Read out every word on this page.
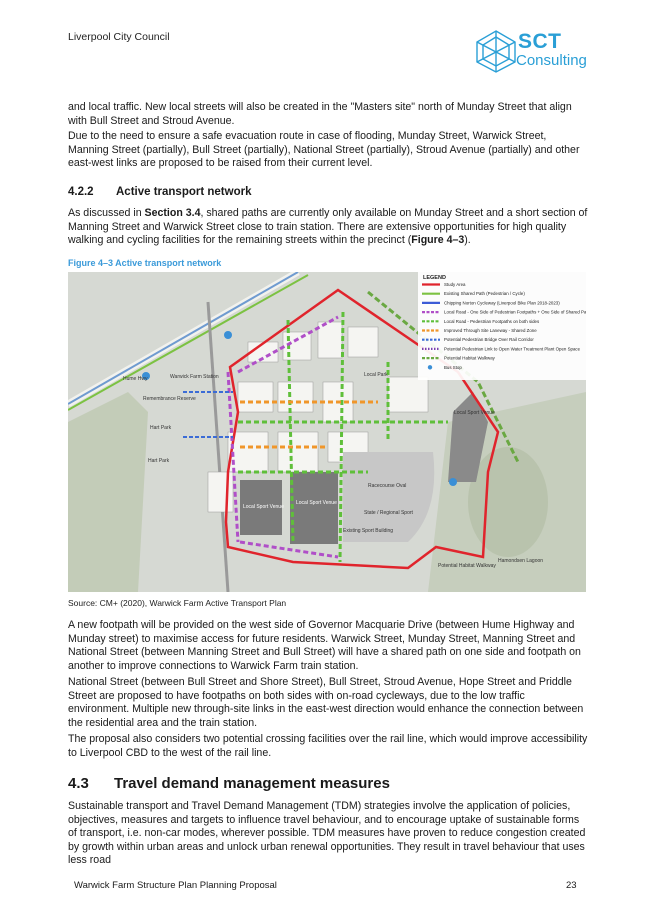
Liverpool City Council	SCT
Consulting

and local traffic. New local streets will also be created in the "Masters site" north of Munday Street that align with Bull Street and Stroud Avenue.

Due to the need to ensure a safe evacuation route in case of flooding, Munday Street, Warwick Street, Manning Street (partially), Bull Street (partially), National Street (partially), Stroud Avenue (partially) and other east-west links are proposed to be raised from their current level.

4.2.2 Active transport network

As discussed in Section 3.4, shared paths are currently only available on Munday Street and a short section of Manning Street and Warwick Street close to train station. There are extensive opportunities for high quality walking and cycling facilities for the remaining streets within the precinct (Figure 4–3).

Figure 4–3 Active transport network
Hume Hwy	Warwick Farm Station
Remembrance Reserve
Hart Park
Hart Park
Local Park
Local Sport Venue
Local Sport Venue
Local Sport Venue
Racecourse Oval
State / Regional Sport
Existing Sport Building
Potential Habitat Walkway
Hamondsen Lagoon
LEGEND
Study Area
Existing Shared Path (Pedestrian / Cycle)
Chipping Norton Cycleway (Liverpool Bike Plan 2018-2023)
Local Road - One Side of Pedestrian Footpaths + One Side of Shared Path
Local Road - Pedestrian Footpaths on both sides
Improved Through Site Laneway - Shared Zone
Potential Pedestrian Bridge Over Rail Corridor
Potential Pedestrian Link to Open Water Treatment Plant Open Space
Potential Habitat Walkway
Bus Stop
Source: CM+ (2020), Warwick Farm Active Transport Plan

A new footpath will be provided on the west side of Governor Macquarie Drive (between Hume Highway and Munday street) to maximise access for future residents. Warwick Street, Munday Street, Manning Street and National Street (between Manning Street and Bull Street) will have a shared path on one side and footpath on another to improve connections to Warwick Farm train station.

National Street (between Bull Street and Shore Street), Bull Street, Stroud Avenue, Hope Street and Priddle Street are proposed to have footpaths on both sides with on-road cycleways, due to the low traffic environment. Multiple new through-site links in the east-west direction would enhance the connection between the residential area and the train station.

The proposal also considers two potential crossing facilities over the rail line, which would improve accessibility to Liverpool CBD to the west of the rail line.

4.3 Travel demand management measures

Sustainable transport and Travel Demand Management (TDM) strategies involve the application of policies, objectives, measures and targets to influence travel behaviour, and to encourage uptake of sustainable forms of transport, i.e. non-car modes, wherever possible. TDM measures have proven to reduce congestion created by growth within urban areas and unlock urban renewal opportunities. They result in travel behaviour that uses less road

Warwick Farm Structure Plan Planning Proposal	23
